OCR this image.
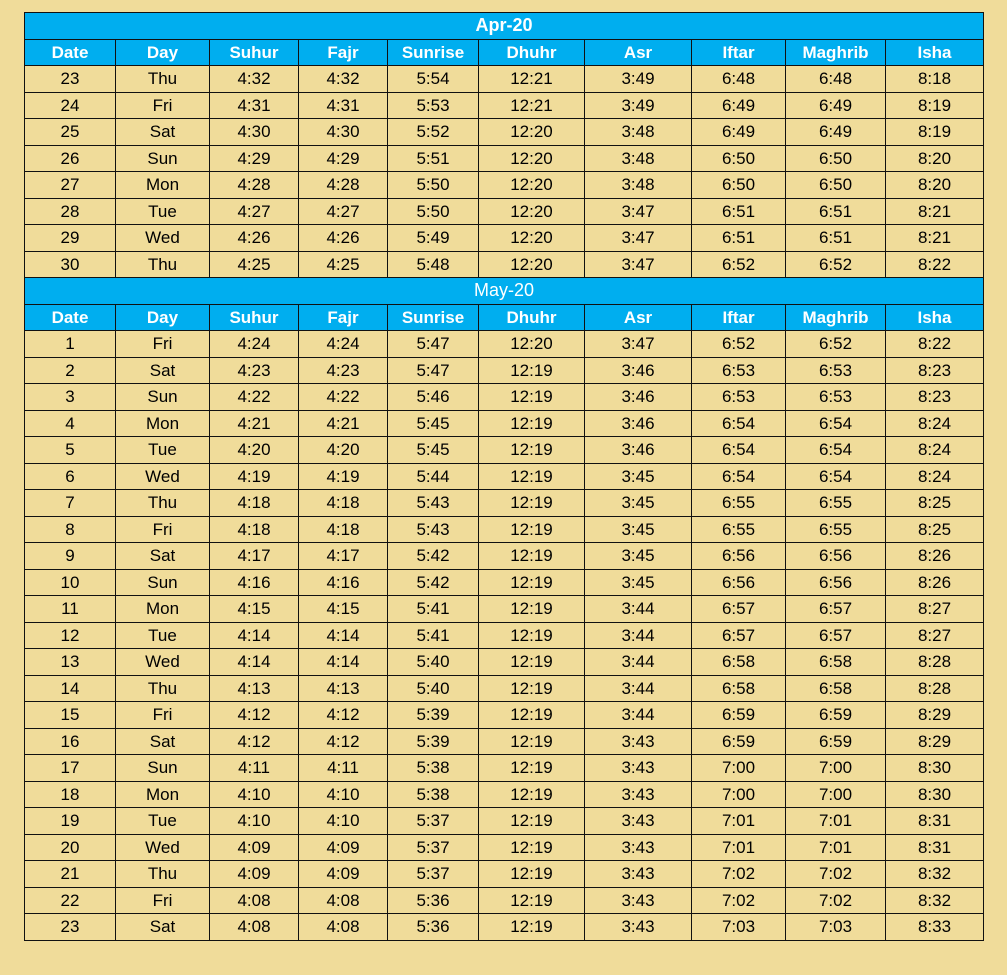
Apr-20									
Date	Day	Suhur	Fajr	Sunrise	Dhuhr	Asr	Iftar	Maghrib	Isha
23	Thu	4:32	4:32	5:54	12:21	3:49	6:48	6:48	8:18
24	Fri	4:31	4:31	5:53	12:21	3:49	6:49	6:49	8:19
25	Sat	4:30	4:30	5:52	12:20	3:48	6:49	6:49	8:19
26	Sun	4:29	4:29	5:51	12:20	3:48	6:50	6:50	8:20
27	Mon	4:28	4:28	5:50	12:20	3:48	6:50	6:50	8:20
28	Tue	4:27	4:27	5:50	12:20	3:47	6:51	6:51	8:21
29	Wed	4:26	4:26	5:49	12:20	3:47	6:51	6:51	8:21
30	Thu	4:25	4:25	5:48	12:20	3:47	6:52	6:52	8:22
May-20									
Date	Day	Suhur	Fajr	Sunrise	Dhuhr	Asr	Iftar	Maghrib	Isha
1	Fri	4:24	4:24	5:47	12:20	3:47	6:52	6:52	8:22
2	Sat	4:23	4:23	5:47	12:19	3:46	6:53	6:53	8:23
3	Sun	4:22	4:22	5:46	12:19	3:46	6:53	6:53	8:23
4	Mon	4:21	4:21	5:45	12:19	3:46	6:54	6:54	8:24
5	Tue	4:20	4:20	5:45	12:19	3:46	6:54	6:54	8:24
6	Wed	4:19	4:19	5:44	12:19	3:45	6:54	6:54	8:24
7	Thu	4:18	4:18	5:43	12:19	3:45	6:55	6:55	8:25
8	Fri	4:18	4:18	5:43	12:19	3:45	6:55	6:55	8:25
9	Sat	4:17	4:17	5:42	12:19	3:45	6:56	6:56	8:26
10	Sun	4:16	4:16	5:42	12:19	3:45	6:56	6:56	8:26
11	Mon	4:15	4:15	5:41	12:19	3:44	6:57	6:57	8:27
12	Tue	4:14	4:14	5:41	12:19	3:44	6:57	6:57	8:27
13	Wed	4:14	4:14	5:40	12:19	3:44	6:58	6:58	8:28
14	Thu	4:13	4:13	5:40	12:19	3:44	6:58	6:58	8:28
15	Fri	4:12	4:12	5:39	12:19	3:44	6:59	6:59	8:29
16	Sat	4:12	4:12	5:39	12:19	3:43	6:59	6:59	8:29
17	Sun	4:11	4:11	5:38	12:19	3:43	7:00	7:00	8:30
18	Mon	4:10	4:10	5:38	12:19	3:43	7:00	7:00	8:30
19	Tue	4:10	4:10	5:37	12:19	3:43	7:01	7:01	8:31
20	Wed	4:09	4:09	5:37	12:19	3:43	7:01	7:01	8:31
21	Thu	4:09	4:09	5:37	12:19	3:43	7:02	7:02	8:32
22	Fri	4:08	4:08	5:36	12:19	3:43	7:02	7:02	8:32
23	Sat	4:08	4:08	5:36	12:19	3:43	7:03	7:03	8:33
